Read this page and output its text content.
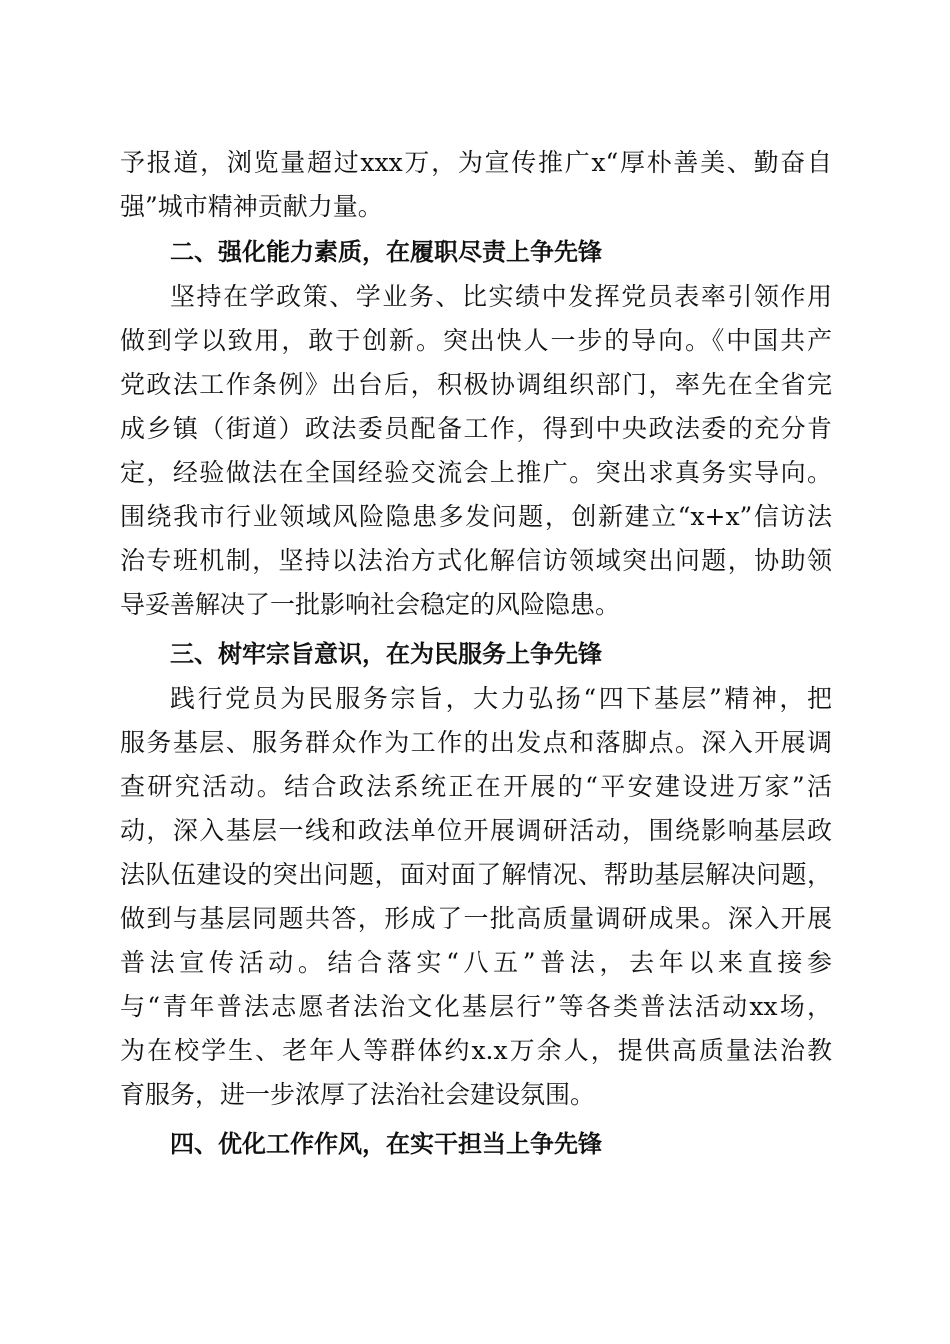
予报道，浏览量超过xxx万，为宣传推广x“厚朴善美、勤奋自
强”城市精神贡献力量。
二、强化能力素质，在履职尽责上争先锋
坚持在学政策、学业务、比实绩中发挥党员表率引领作用
做到学以致用，敢于创新。突出快人一步的导向。《中国共产
党政法工作条例》出台后，积极协调组织部门，率先在全省完
成乡镇（街道）政法委员配备工作，得到中央政法委的充分肯
定，经验做法在全国经验交流会上推广。突出求真务实导向。
围绕我市行业领域风险隐患多发问题，创新建立“x+x”信访法
治专班机制，坚持以法治方式化解信访领域突出问题，协助领
导妥善解决了一批影响社会稳定的风险隐患。
三、树牢宗旨意识，在为民服务上争先锋
践行党员为民服务宗旨，大力弘扬“四下基层”精神，把
服务基层、服务群众作为工作的出发点和落脚点。深入开展调
查研究活动。结合政法系统正在开展的“平安建设进万家”活
动，深入基层一线和政法单位开展调研活动，围绕影响基层政
法队伍建设的突出问题，面对面了解情况、帮助基层解决问题，
做到与基层同题共答，形成了一批高质量调研成果。深入开展
普法宣传活动。结合落实“八五”普法，去年以来直接参
与“青年普法志愿者法治文化基层行”等各类普法活动xx场，
为在校学生、老年人等群体约x.x万余人，提供高质量法治教
育服务，进一步浓厚了法治社会建设氛围。
四、优化工作作风，在实干担当上争先锋
